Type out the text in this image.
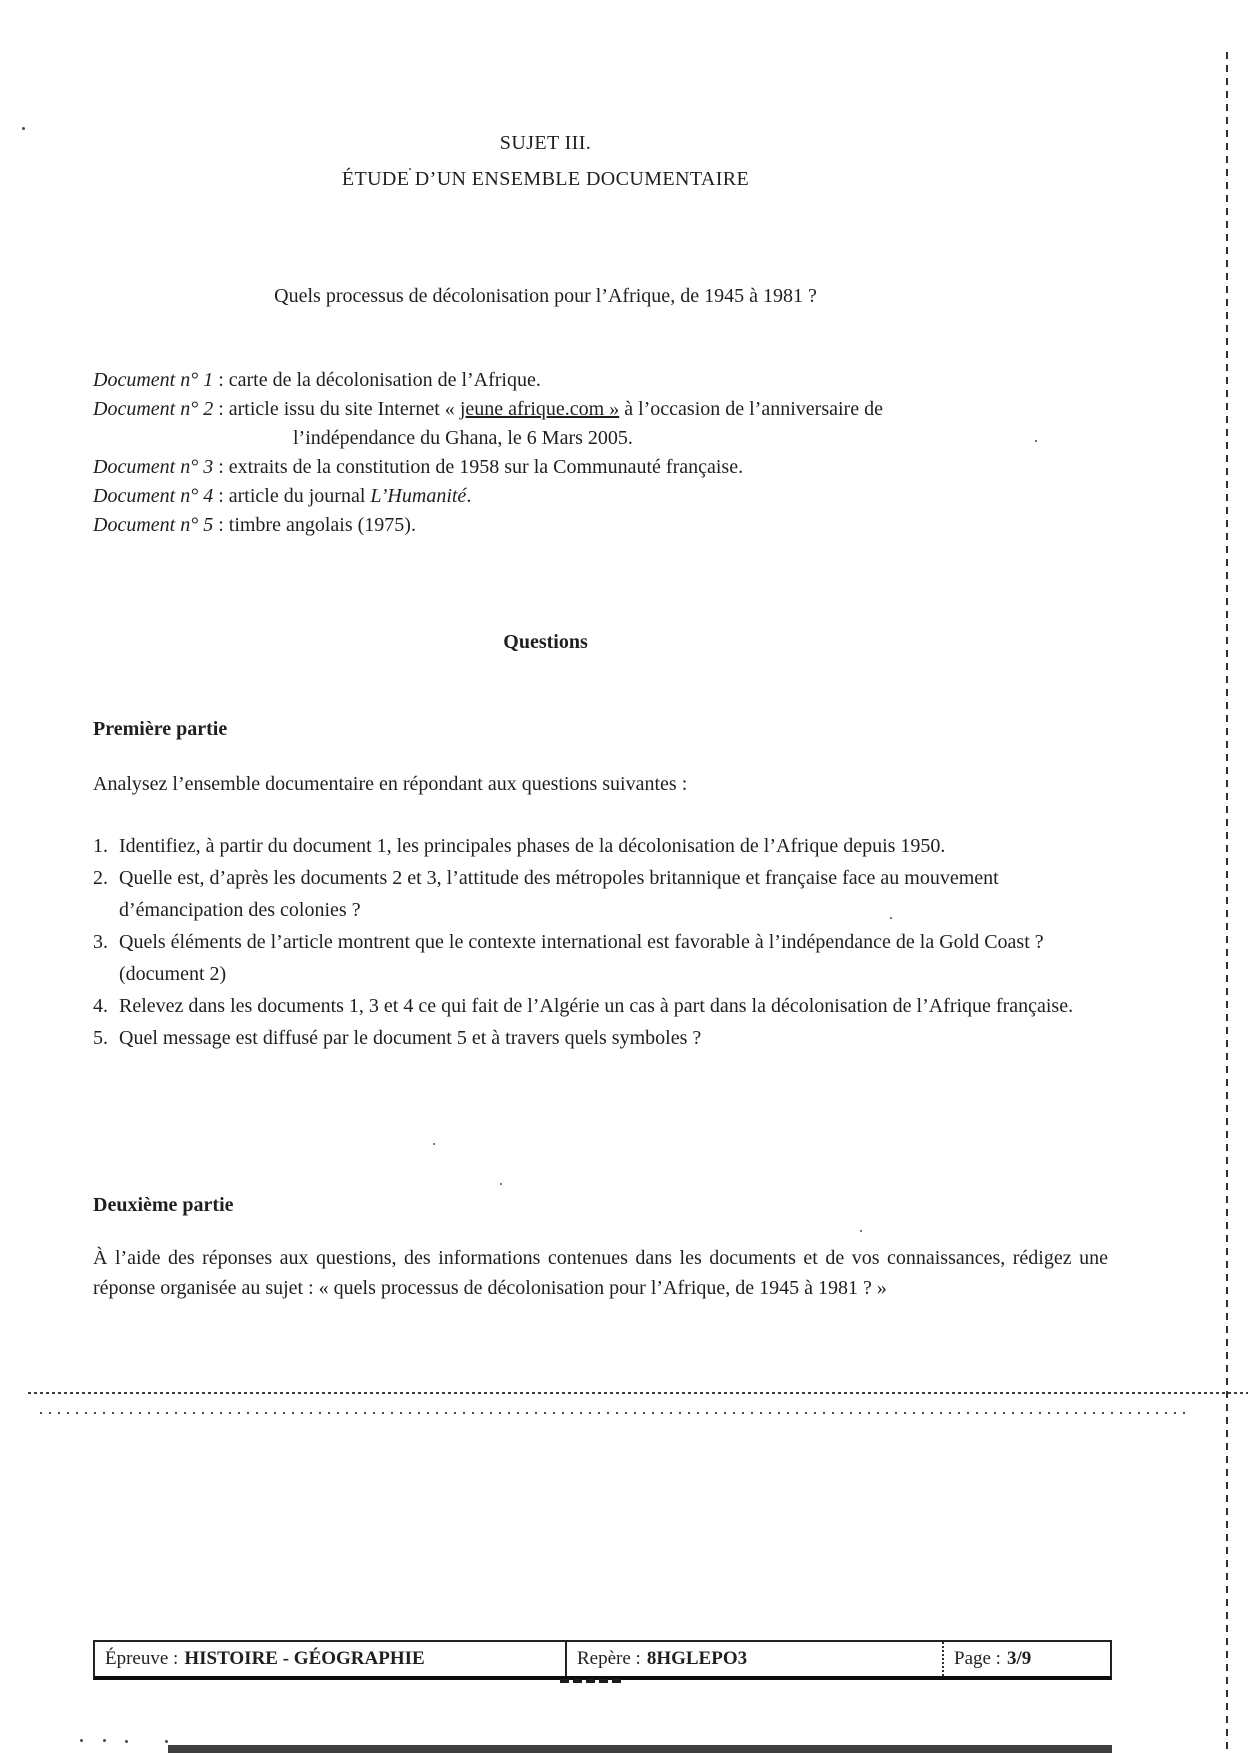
SUJET III.
ÉTUDE D’UN ENSEMBLE DOCUMENTAIRE
Quels processus de décolonisation pour l’Afrique, de 1945 à 1981 ?
Document n° 1 : carte de la décolonisation de l’Afrique.
Document n° 2 : article issu du site Internet « jeune afrique.com » à l’occasion de l’anniversaire de
l’indépendance du Ghana, le 6 Mars 2005.
Document n° 3 : extraits de la constitution de 1958 sur la Communauté française.
Document n° 4 : article du journal L’Humanité.
Document n° 5 : timbre angolais (1975).
Questions
Première partie
Analysez l’ensemble documentaire en répondant aux questions suivantes :
1. Identifiez, à partir du document 1, les principales phases de la décolonisation de l’Afrique depuis 1950.
2. Quelle est, d’après les documents 2 et 3, l’attitude des métropoles britannique et française face au mouvement d’émancipation des colonies ?
3. Quels éléments de l’article montrent que le contexte international est favorable à l’indépendance de la Gold Coast ? (document 2)
4. Relevez dans les documents 1, 3 et 4 ce qui fait de l’Algérie un cas à part dans la décolonisation de l’Afrique française.
5. Quel message est diffusé par le document 5 et à travers quels symboles ?
Deuxième partie
À l’aide des réponses aux questions, des informations contenues dans les documents et de vos connaissances, rédigez une réponse organisée au sujet : « quels processus de décolonisation pour l’Afrique, de 1945 à 1981 ? »
Épreuve : HISTOIRE - GÉOGRAPHIE	Repère : 8HGLEPO3	Page : 3/9
